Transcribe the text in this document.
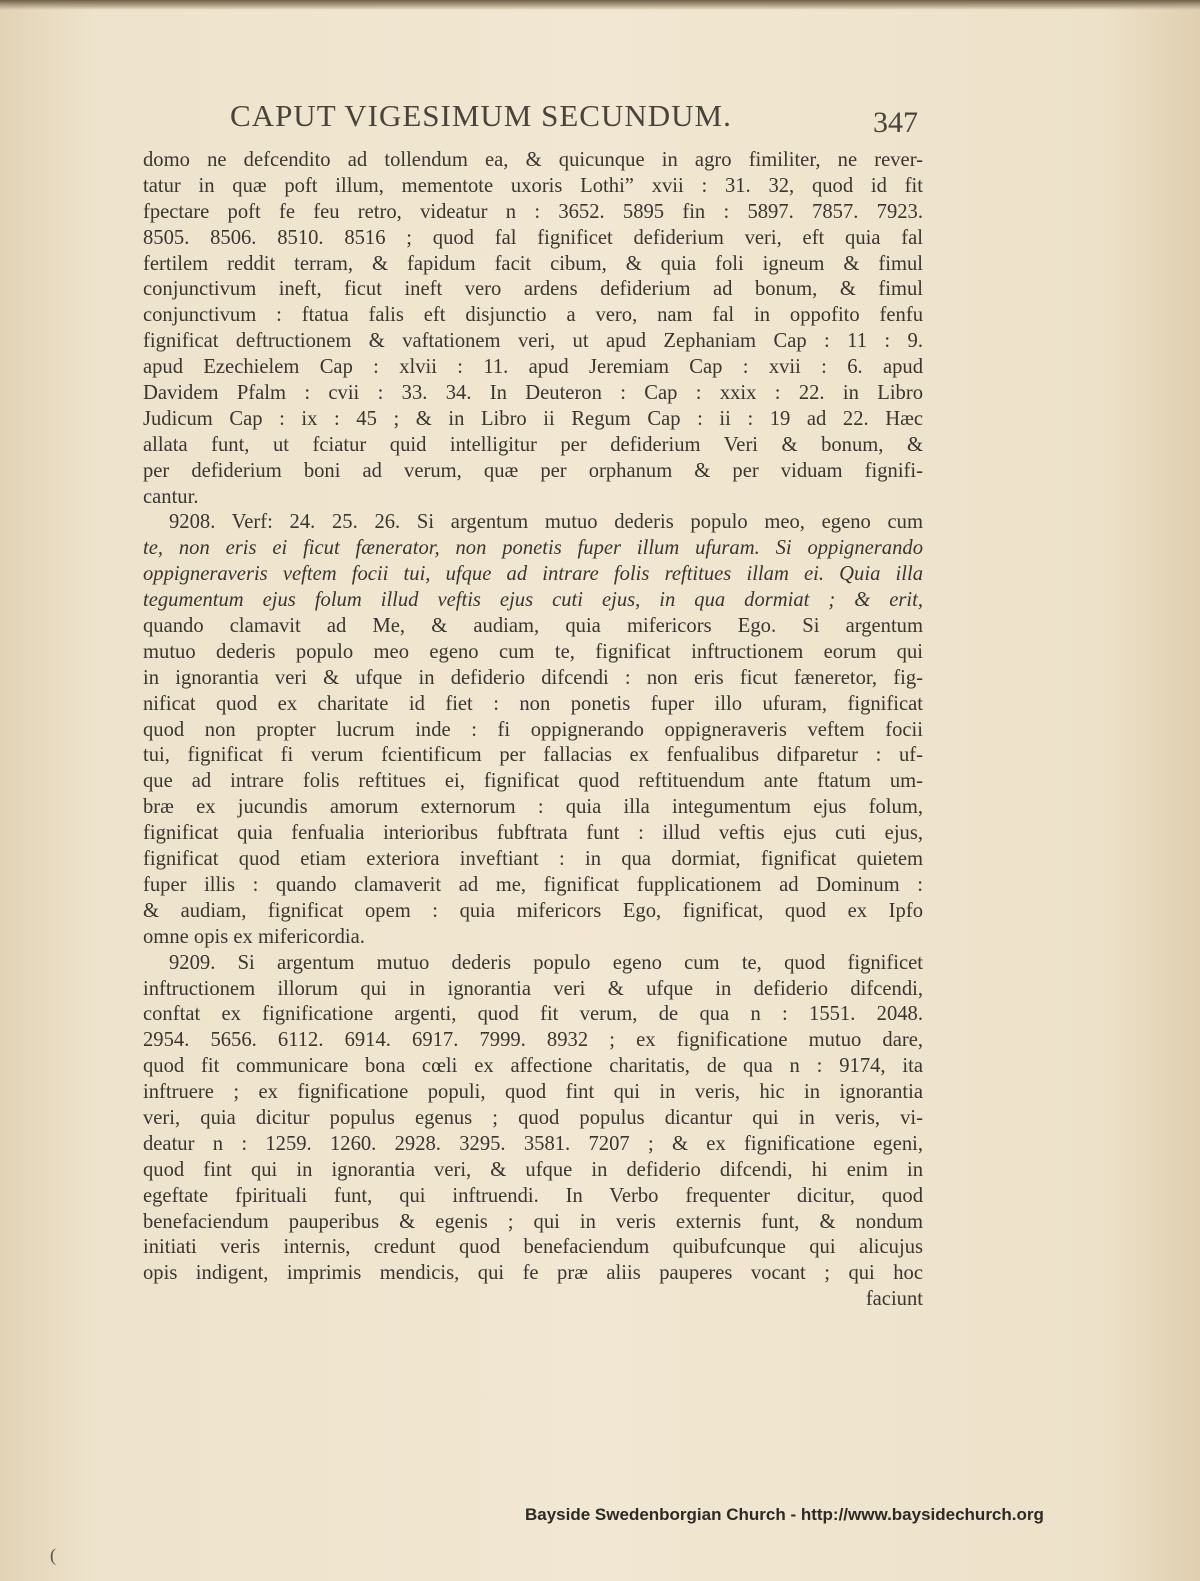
CAPUT VIGESIMUM SECUNDUM.	347
domo ne defcendito ad tollendum ea, & quicunque in agro fimiliter, ne rever-
tatur in quæ poft illum, mementote uxoris Lothi” xvii : 31. 32, quod id fit
fpectare poft fe feu retro, videatur n : 3652. 5895 fin : 5897. 7857. 7923.
8505. 8506. 8510. 8516 ; quod fal fignificet defiderium veri, eft quia fal
fertilem reddit terram, & fapidum facit cibum, & quia foli igneum & fimul
conjunctivum ineft, ficut ineft vero ardens defiderium ad bonum, & fimul
conjunctivum : ftatua falis eft disjunctio a vero, nam fal in oppofito fenfu
fignificat deftructionem & vaftationem veri, ut apud Zephaniam Cap : 11 : 9.
apud Ezechielem Cap : xlvii : 11. apud Jeremiam Cap : xvii : 6. apud
Davidem Pfalm : cvii : 33. 34. In Deuteron : Cap : xxix : 22. in Libro
Judicum Cap : ix : 45 ; & in Libro ii Regum Cap : ii : 19 ad 22. Hæc
allata funt, ut fciatur quid intelligitur per defiderium Veri & bonum, &
per defiderium boni ad verum, quæ per orphanum & per viduam fignifi-
cantur.
9208. Verf: 24. 25. 26. Si argentum mutuo dederis populo meo, egeno cum
te, non eris ei ficut fænerator, non ponetis fuper illum ufuram. Si oppignerando
oppigneraveris veftem focii tui, ufque ad intrare folis reftitues illam ei. Quia illa
tegumentum ejus folum illud veftis ejus cuti ejus, in qua dormiat ; & erit,
quando clamavit ad Me, & audiam, quia mifericors Ego. Si argentum
mutuo dederis populo meo egeno cum te, fignificat inftructionem eorum qui
in ignorantia veri & ufque in defiderio difcendi : non eris ficut fæneretor, fig-
nificat quod ex charitate id fiet : non ponetis fuper illo ufuram, fignificat
quod non propter lucrum inde : fi oppignerando oppigneraveris veftem focii
tui, fignificat fi verum fcientificum per fallacias ex fenfualibus difparetur : uf-
que ad intrare folis reftitues ei, fignificat quod reftituendum ante ftatum um-
bræ ex jucundis amorum externorum : quia illa integumentum ejus folum,
fignificat quia fenfualia interioribus fubftrata funt : illud veftis ejus cuti ejus,
fignificat quod etiam exteriora inveftiant : in qua dormiat, fignificat quietem
fuper illis : quando clamaverit ad me, fignificat fupplicationem ad Dominum :
& audiam, fignificat opem : quia mifericors Ego, fignificat, quod ex Ipfo
omne opis ex mifericordia.
9209. Si argentum mutuo dederis populo egeno cum te, quod fignificet
inftructionem illorum qui in ignorantia veri & ufque in defiderio difcendi,
conftat ex fignificatione argenti, quod fit verum, de qua n : 1551. 2048.
2954. 5656. 6112. 6914. 6917. 7999. 8932 ; ex fignificatione mutuo dare,
quod fit communicare bona cœli ex affectione charitatis, de qua n : 9174, ita
inftruere ; ex fignificatione populi, quod fint qui in veris, hic in ignorantia
veri, quia dicitur populus egenus ; quod populus dicantur qui in veris, vi-
deatur n : 1259. 1260. 2928. 3295. 3581. 7207 ; & ex fignificatione egeni,
quod fint qui in ignorantia veri, & ufque in defiderio difcendi, hi enim in
egeftate fpirituali funt, qui inftruendi. In Verbo frequenter dicitur, quod
benefaciendum pauperibus & egenis ; qui in veris externis funt, & nondum
initiati veris internis, credunt quod benefaciendum quibufcunque qui alicujus
opis indigent, imprimis mendicis, qui fe præ aliis pauperes vocant ; qui hoc
faciunt
Bayside Swedenborgian Church - http://www.baysidechurch.org
(
